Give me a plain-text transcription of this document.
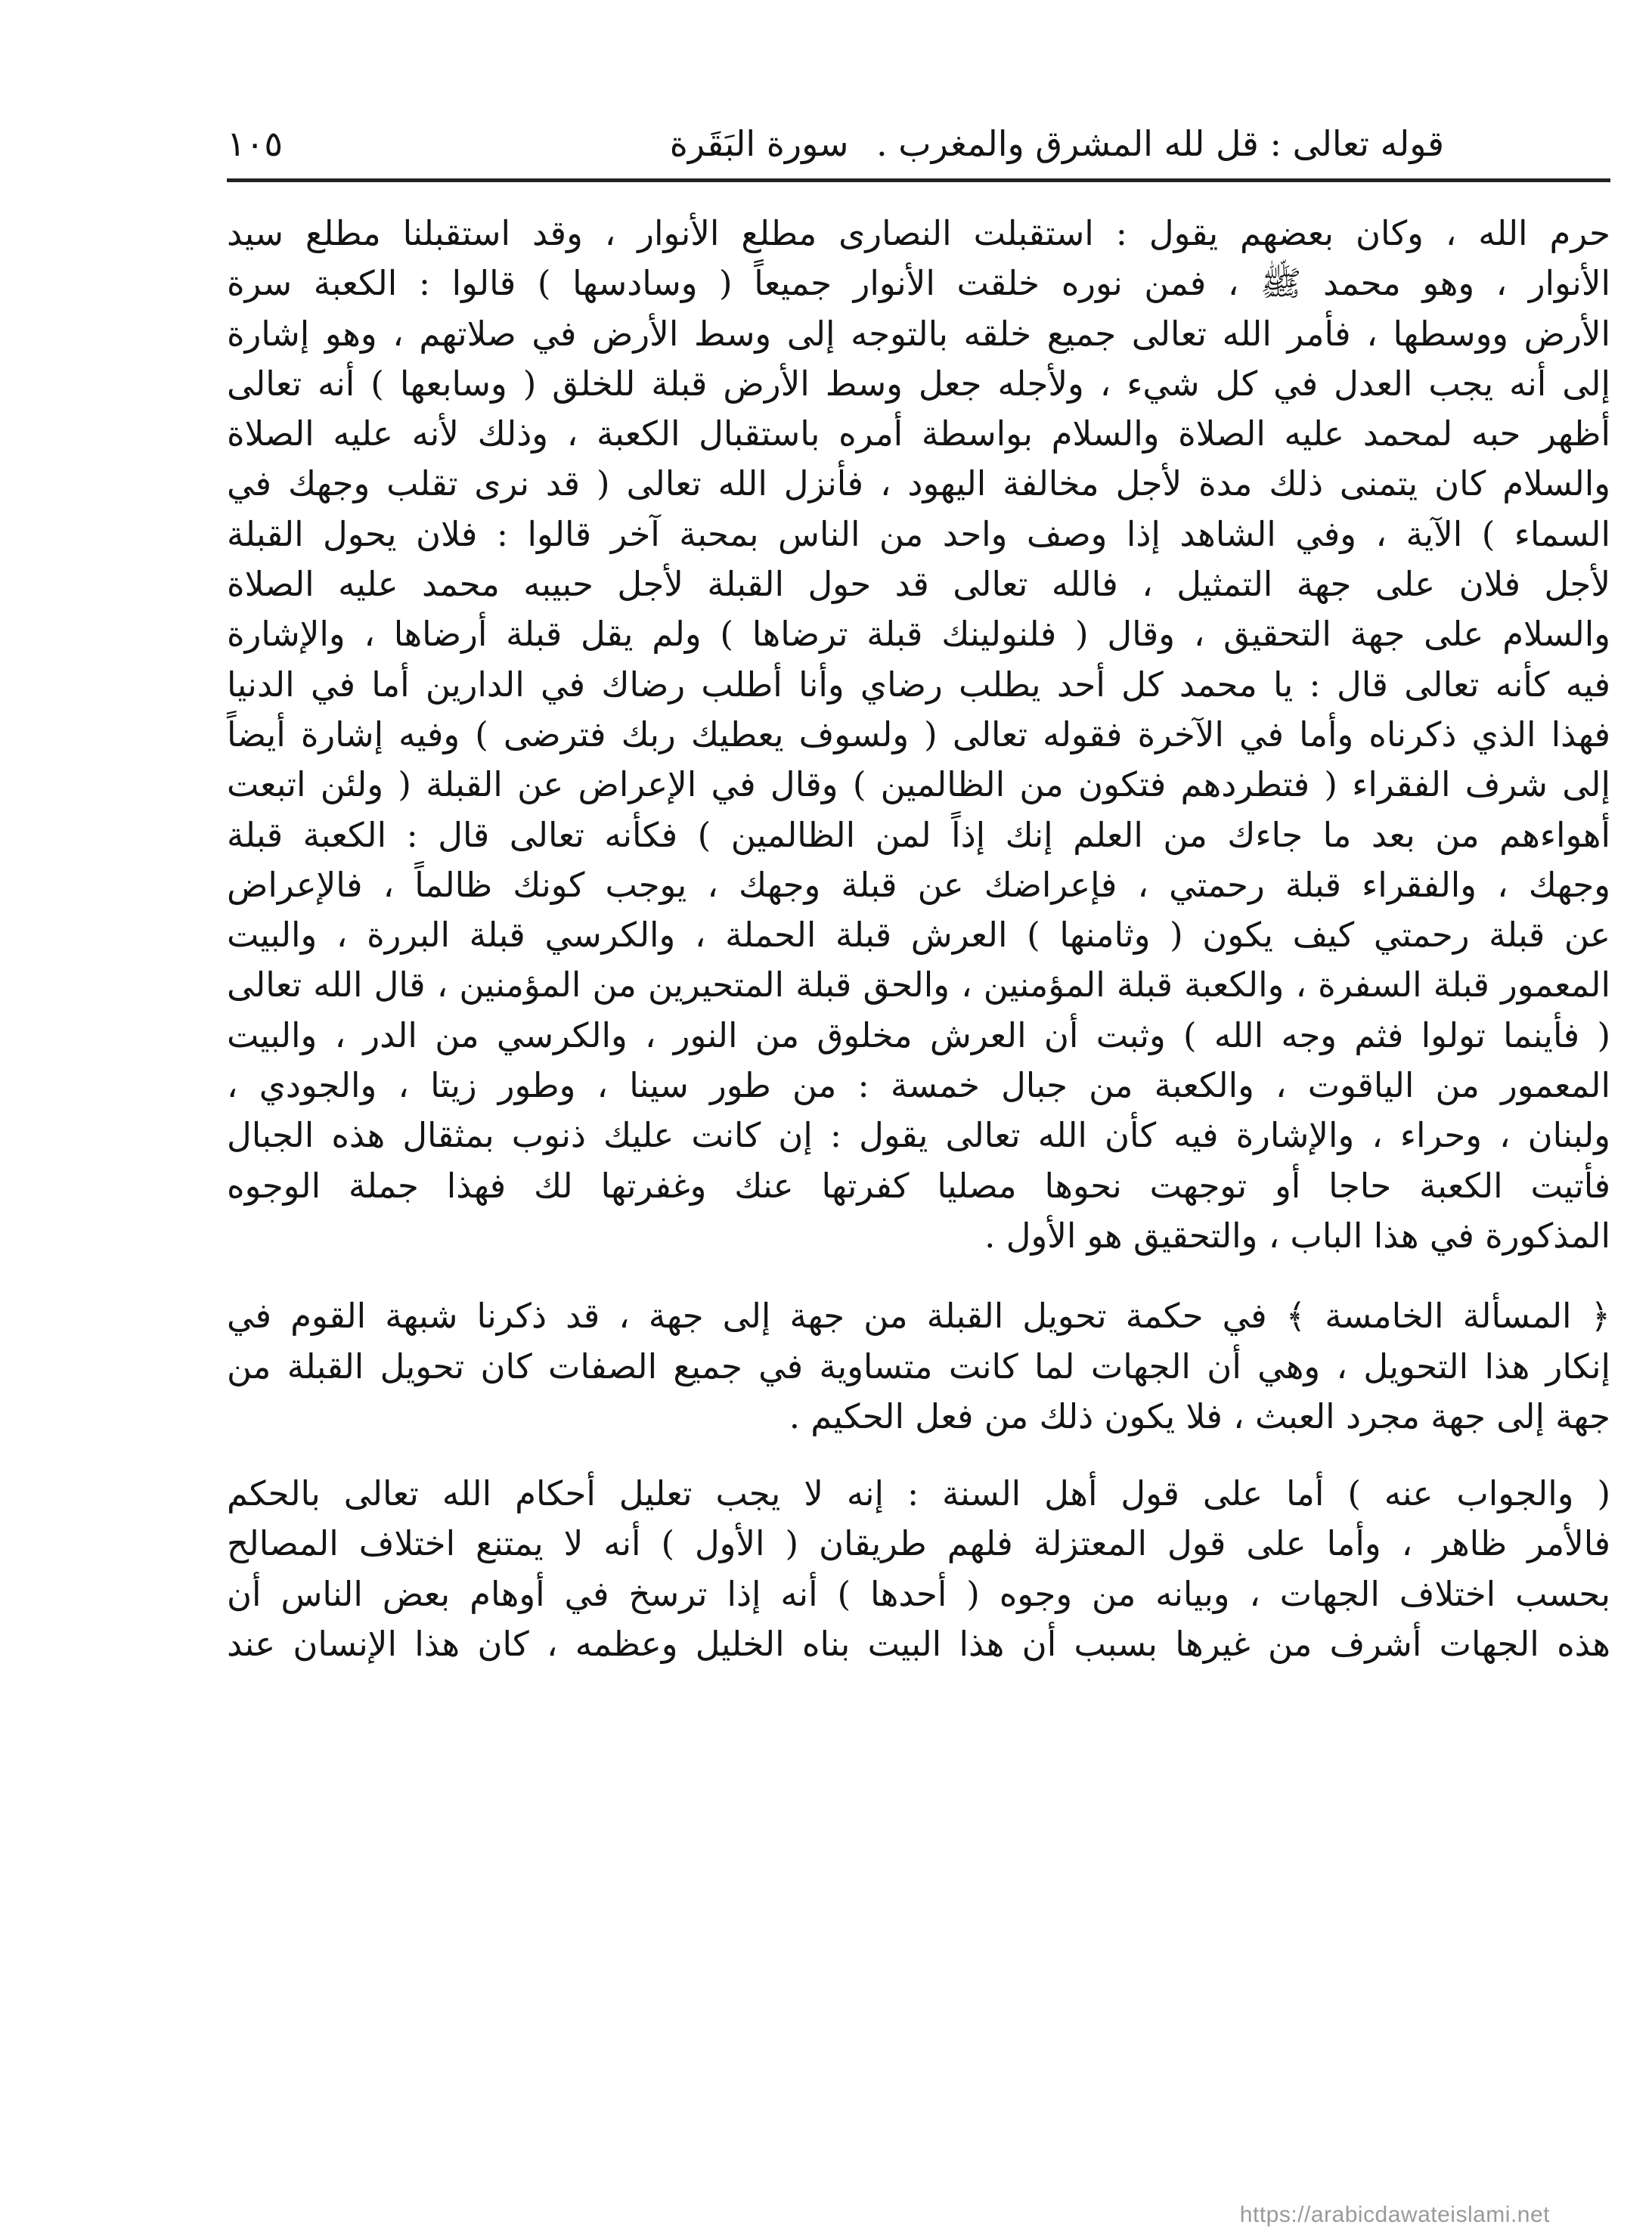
قوله تعالى : قل لله المشرق والمغرب . سورة البَقَرة
١٠٥

حرم الله ، وكان بعضهم يقول : استقبلت النصارى مطلع الأنوار ، وقد استقبلنا مطلع سيد
الأنوار ، وهو محمد ﷺ ، فمن نوره خلقت الأنوار جميعاً ( وسادسها ) قالوا : الكعبة سرة
الأرض ووسطها ، فأمر الله تعالى جميع خلقه بالتوجه إلى وسط الأرض في صلاتهم ، وهو إشارة
إلى أنه يجب العدل في كل شيء ، ولأجله جعل وسط الأرض قبلة للخلق ( وسابعها ) أنه تعالى
أظهر حبه لمحمد عليه الصلاة والسلام بواسطة أمره باستقبال الكعبة ، وذلك لأنه عليه الصلاة
والسلام كان يتمنى ذلك مدة لأجل مخالفة اليهود ، فأنزل الله تعالى ( قد نرى تقلب وجهك في
السماء ) الآية ، وفي الشاهد إذا وصف واحد من الناس بمحبة آخر قالوا : فلان يحول القبلة
لأجل فلان على جهة التمثيل ، فالله تعالى قد حول القبلة لأجل حبيبه محمد عليه الصلاة
والسلام على جهة التحقيق ، وقال ( فلنولينك قبلة ترضاها ) ولم يقل قبلة أرضاها ، والإشارة
فيه كأنه تعالى قال : يا محمد كل أحد يطلب رضاي وأنا أطلب رضاك في الدارين أما في الدنيا
فهذا الذي ذكرناه وأما في الآخرة فقوله تعالى ( ولسوف يعطيك ربك فترضى ) وفيه إشارة أيضاً
إلى شرف الفقراء ( فتطردهم فتكون من الظالمين ) وقال في الإعراض عن القبلة ( ولئن اتبعت
أهواءهم من بعد ما جاءك من العلم إنك إذاً لمن الظالمين ) فكأنه تعالى قال : الكعبة قبلة
وجهك ، والفقراء قبلة رحمتي ، فإعراضك عن قبلة وجهك ، يوجب كونك ظالماً ، فالإعراض
عن قبلة رحمتي كيف يكون ( وثامنها ) العرش قبلة الحملة ، والكرسي قبلة البررة ، والبيت
المعمور قبلة السفرة ، والكعبة قبلة المؤمنين ، والحق قبلة المتحيرين من المؤمنين ، قال الله تعالى
( فأينما تولوا فثم وجه الله ) وثبت أن العرش مخلوق من النور ، والكرسي من الدر ، والبيت
المعمور من الياقوت ، والكعبة من جبال خمسة : من طور سينا ، وطور زيتا ، والجودي ،
ولبنان ، وحراء ، والإشارة فيه كأن الله تعالى يقول : إن كانت عليك ذنوب بمثقال هذه الجبال
فأتيت الكعبة حاجا أو توجهت نحوها مصليا كفرتها عنك وغفرتها لك فهذا جملة الوجوه
المذكورة في هذا الباب ، والتحقيق هو الأول .

﴿ المسألة الخامسة ﴾ في حكمة تحويل القبلة من جهة إلى جهة ، قد ذكرنا شبهة القوم في
إنكار هذا التحويل ، وهي أن الجهات لما كانت متساوية في جميع الصفات كان تحويل القبلة من
جهة إلى جهة مجرد العبث ، فلا يكون ذلك من فعل الحكيم .

( والجواب عنه ) أما على قول أهل السنة : إنه لا يجب تعليل أحكام الله تعالى بالحكم
فالأمر ظاهر ، وأما على قول المعتزلة فلهم طريقان ( الأول ) أنه لا يمتنع اختلاف المصالح
بحسب اختلاف الجهات ، وبيانه من وجوه ( أحدها ) أنه إذا ترسخ في أوهام بعض الناس أن
هذه الجهات أشرف من غيرها بسبب أن هذا البيت بناه الخليل وعظمه ، كان هذا الإنسان عند

https://arabicdawateislami.net
